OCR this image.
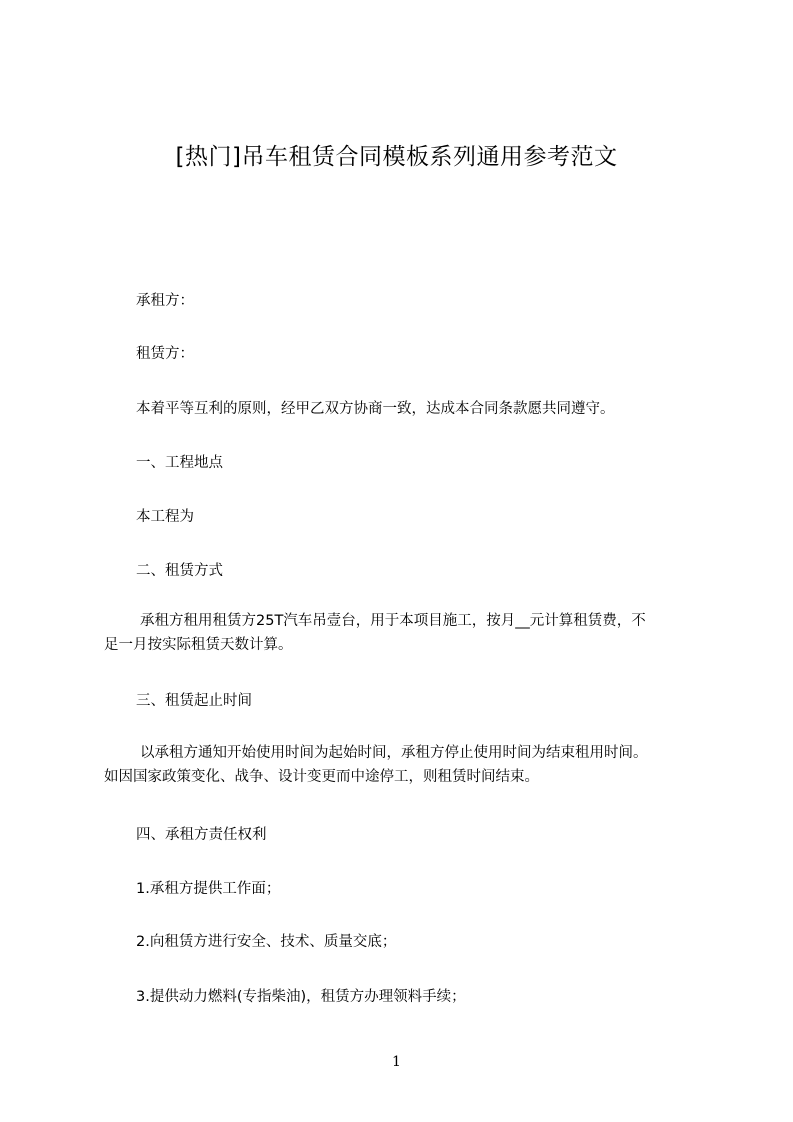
[热门]吊车租赁合同模板系列通用参考范文
承租方：
租赁方：
本着平等互利的原则，经甲乙双方协商一致，达成本合同条款愿共同遵守。
一、工程地点
本工程为
二、租赁方式
承租方租用租赁方25T汽车吊壹台，用于本项目施工，按月__元计算租赁费，不
足一月按实际租赁天数计算。
三、租赁起止时间
以承租方通知开始使用时间为起始时间，承租方停止使用时间为结束租用时间。
如因国家政策变化、战争、设计变更而中途停工，则租赁时间结束。
四、承租方责任权利
1.承租方提供工作面；
2.向租赁方进行安全、技术、质量交底；
3.提供动力燃料(专指柴油)，租赁方办理领料手续；
1
